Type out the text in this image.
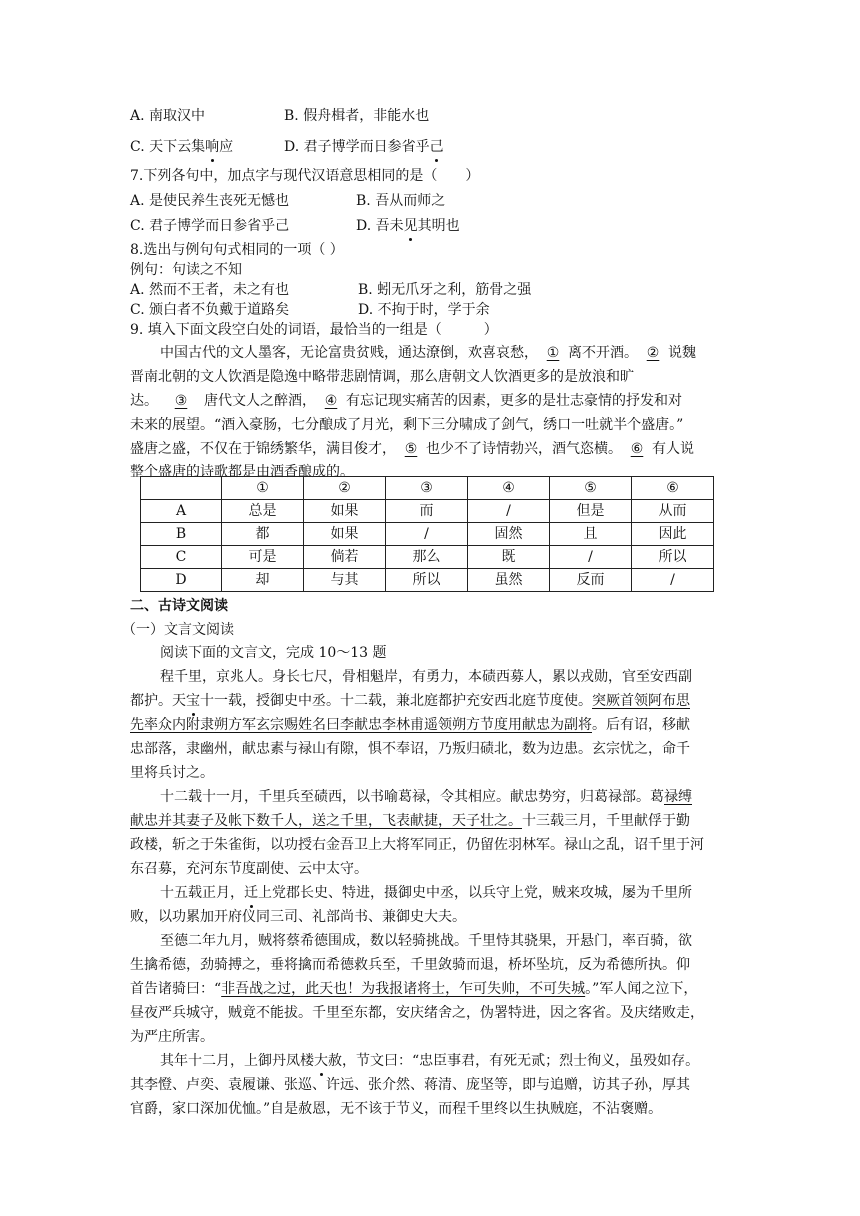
A. 南取汉中	B. 假舟楫者，非能水也
C. 天下云集响应	D. 君子博学而日参省乎己
7.下列各句中，加点字与现代汉语意思相同的是（　　）
A. 是使民养生丧死无憾也	B. 吾从而师之
C. 君子博学而日参省乎己	D. 吾未见其明也
8.选出与例句句式相同的一项（ ）
例句：句读之不知
A. 然而不王者，未之有也	B. 蚓无爪牙之利，筋骨之强
C. 颁白者不负戴于道路矣	D. 不拘于时，学于余
9. 填入下面文段空白处的词语，最恰当的一组是（　　　）
中国古代的文人墨客，无论富贵贫贱，通达潦倒，欢喜哀愁， ① 离不开酒。 ② 说魏
晋南北朝的文人饮酒是隐逸中略带悲剧情调，那么唐朝文人饮酒更多的是放浪和旷
达。 ③ 唐代文人之醉酒， ④ 有忘记现实痛苦的因素，更多的是壮志豪情的抒发和对
未来的展望。“酒入豪肠，七分酿成了月光，剩下三分啸成了剑气，绣口一吐就半个盛唐。”
盛唐之盛，不仅在于锦绣繁华，满目俊才， ⑤ 也少不了诗情勃兴，酒气恣横。 ⑥ 有人说
整个盛唐的诗歌都是由酒香酿成的。
	①	②	③	④	⑤	⑥
A	总是	如果	而	/	但是	从而
B	都	如果	/	固然	且	因此
C	可是	倘若	那么	既	/	所以
D	却	与其	所以	虽然	反而	/
二、古诗文阅读
（一）文言文阅读
阅读下面的文言文，完成 10～13 题
程千里，京兆人。身长七尺，骨相魁岸，有勇力，本碛西募人，累以戎勋，官至安西副
都护。天宝十一载，授御史中丞。十二载，兼北庭都护充安西北庭节度使。突厥首领阿布思
先率众内附隶朔方军玄宗赐姓名曰李献忠李林甫遥领朔方节度用献忠为副将。后有诏，移献
忠部落，隶幽州，献忠素与禄山有隙，惧不奉诏，乃叛归碛北，数为边患。玄宗忧之，命千
里将兵讨之。
十二载十一月，千里兵至碛西，以书喻葛禄，令其相应。献忠势穷，归葛禄部。葛禄缚
献忠并其妻子及帐下数千人，送之千里，飞表献捷，天子壮之。十三载三月，千里献俘于勤
政楼，斩之于朱雀街，以功授右金吾卫上大将军同正，仍留佐羽林军。禄山之乱，诏千里于河
东召募，充河东节度副使、云中太守。
十五载正月，迁上党郡长史、特进，摄御史中丞，以兵守上党，贼来攻城，屡为千里所
败，以功累加开府仪同三司、礼部尚书、兼御史大夫。
至德二年九月，贼将蔡希德围成，数以轻骑挑战。千里恃其骁果，开悬门，率百骑，欲
生擒希德，劲骑搏之，垂将擒而希德救兵至，千里敛骑而退，桥坏坠坑，反为希德所执。仰
首告诸骑曰：“非吾战之过，此天也！为我报诸将士，乍可失帅，不可失城。”军人闻之泣下，
昼夜严兵城守，贼竟不能拔。千里至东都，安庆绪舍之，伪署特进，因之客省。及庆绪败走，
为严庄所害。
其年十二月，上御丹凤楼大赦，节文曰：“忠臣事君，有死无贰；烈士徇义，虽殁如存。
其李憕、卢奕、袁履谦、张巡、许远、张介然、蒋清、庞坚等，即与追赠，访其子孙，厚其
官爵，家口深加优恤。”自是赦恩，无不该于节义，而程千里终以生执贼庭，不沾褒赠。
